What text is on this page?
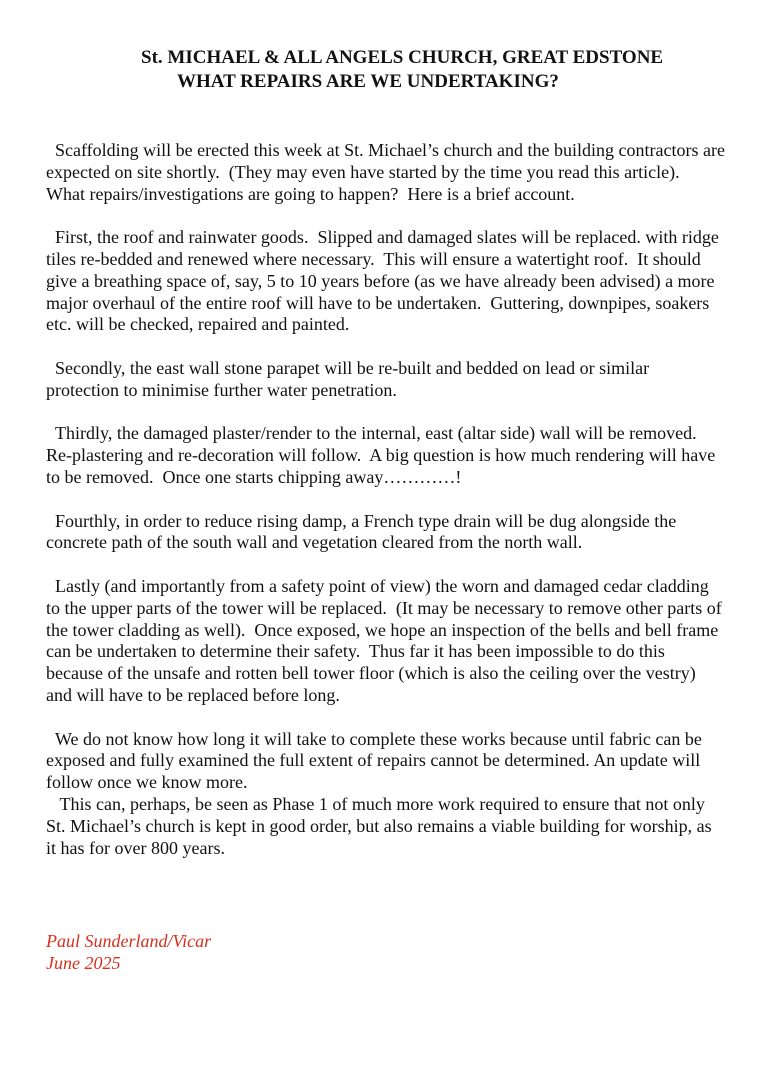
St. MICHAEL & ALL ANGELS CHURCH, GREAT EDSTONE
WHAT REPAIRS ARE WE UNDERTAKING?

Scaffolding will be erected this week at St. Michael’s church and the building contractors are expected on site shortly.  (They may even have started by the time you read this article).  What repairs/investigations are going to happen?  Here is a brief account.

First, the roof and rainwater goods.  Slipped and damaged slates will be replaced. with ridge tiles re-bedded and renewed where necessary.  This will ensure a watertight roof.  It should give a breathing space of, say, 5 to 10 years before (as we have already been advised) a more major overhaul of the entire roof will have to be undertaken.  Guttering, downpipes, soakers etc. will be checked, repaired and painted.

Secondly, the east wall stone parapet will be re-built and bedded on lead or similar protection to minimise further water penetration.

Thirdly, the damaged plaster/render to the internal, east (altar side) wall will be removed.  Re-plastering and re-decoration will follow.  A big question is how much rendering will have to be removed.  Once one starts chipping away…………!

Fourthly, in order to reduce rising damp, a French type drain will be dug alongside the  concrete path of the south wall and vegetation cleared from the north wall.

Lastly (and importantly from a safety point of view) the worn and damaged cedar cladding to the upper parts of the tower will be replaced.  (It may be necessary to remove other parts of the tower cladding as well).  Once exposed, we hope an inspection of the bells and bell frame can be undertaken to determine their safety.  Thus far it has been impossible to do this because of the unsafe and rotten bell tower floor (which is also the ceiling over the vestry) and will have to be replaced before long.

We do not know how long it will take to complete these works because until fabric can be exposed and fully examined the full extent of repairs cannot be determined. An update will follow once we know more.

This can, perhaps, be seen as Phase 1 of much more work required to ensure that not only St. Michael’s church is kept in good order, but also remains a viable building for worship, as it has for over 800 years.

Paul Sunderland/Vicar
June 2025
